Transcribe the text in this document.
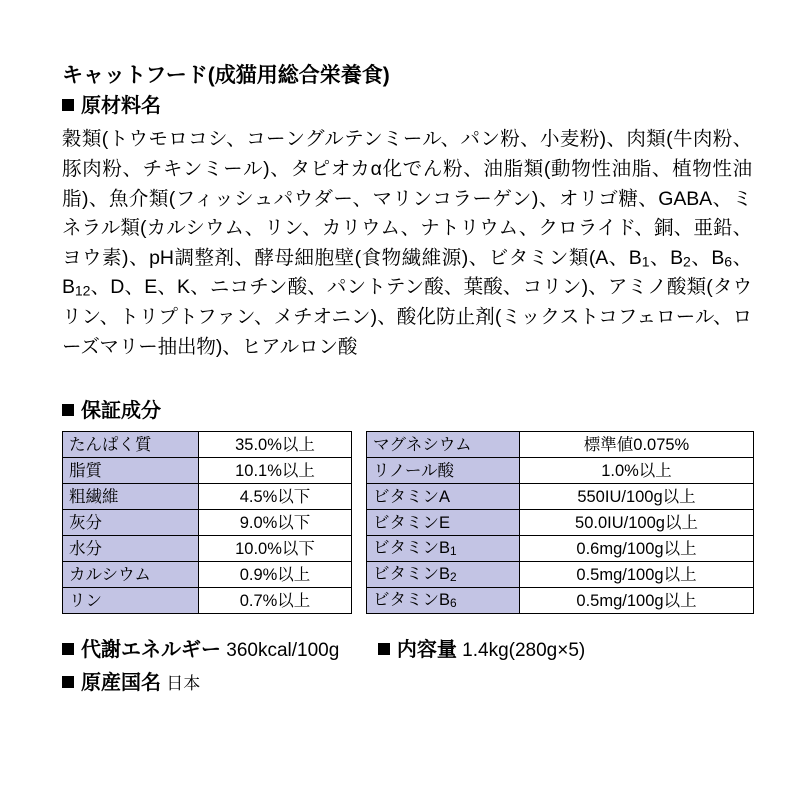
キャットフード(成猫用総合栄養食)
原材料名
穀類(トウモロコシ、コーングルテンミール、パン粉、小麦粉)、肉類(牛肉粉、豚肉粉、チキンミール)、タピオカα化でん粉、油脂類(動物性油脂、植物性油脂)、魚介類(フィッシュパウダー、マリンコラーゲン)、オリゴ糖、GABA、ミネラル類(カルシウム、リン、カリウム、ナトリウム、クロライド、銅、亜鉛、ヨウ素)、pH調整剤、酵母細胞壁(食物繊維源)、ビタミン類(A、$B_1$、$B_2$、$B_6$、$B_{12}$、D、E、K、ニコチン酸、パントテン酸、葉酸、コリン)、アミノ酸類(タウリン、トリプトファン、メチオニン)、酸化防止剤(ミックストコフェロール、ローズマリー抽出物)、ヒアルロン酸
保証成分
たんぱく質	35.0%以上
脂質	10.1%以上
粗繊維	4.5%以下
灰分	9.0%以下
水分	10.0%以下
カルシウム	0.9%以上
リン	0.7%以上
マグネシウム	標準値0.075%
リノール酸	1.0%以上
ビタミンA	550IU/100g以上
ビタミンE	50.0IU/100g以上
ビタミン$B_1$	0.6mg/100g以上
ビタミン$B_2$	0.5mg/100g以上
ビタミン$B_6$	0.5mg/100g以上
代謝エネルギー 360kcal/100g	内容量 1.4kg(280g×5)
原産国名 日本
